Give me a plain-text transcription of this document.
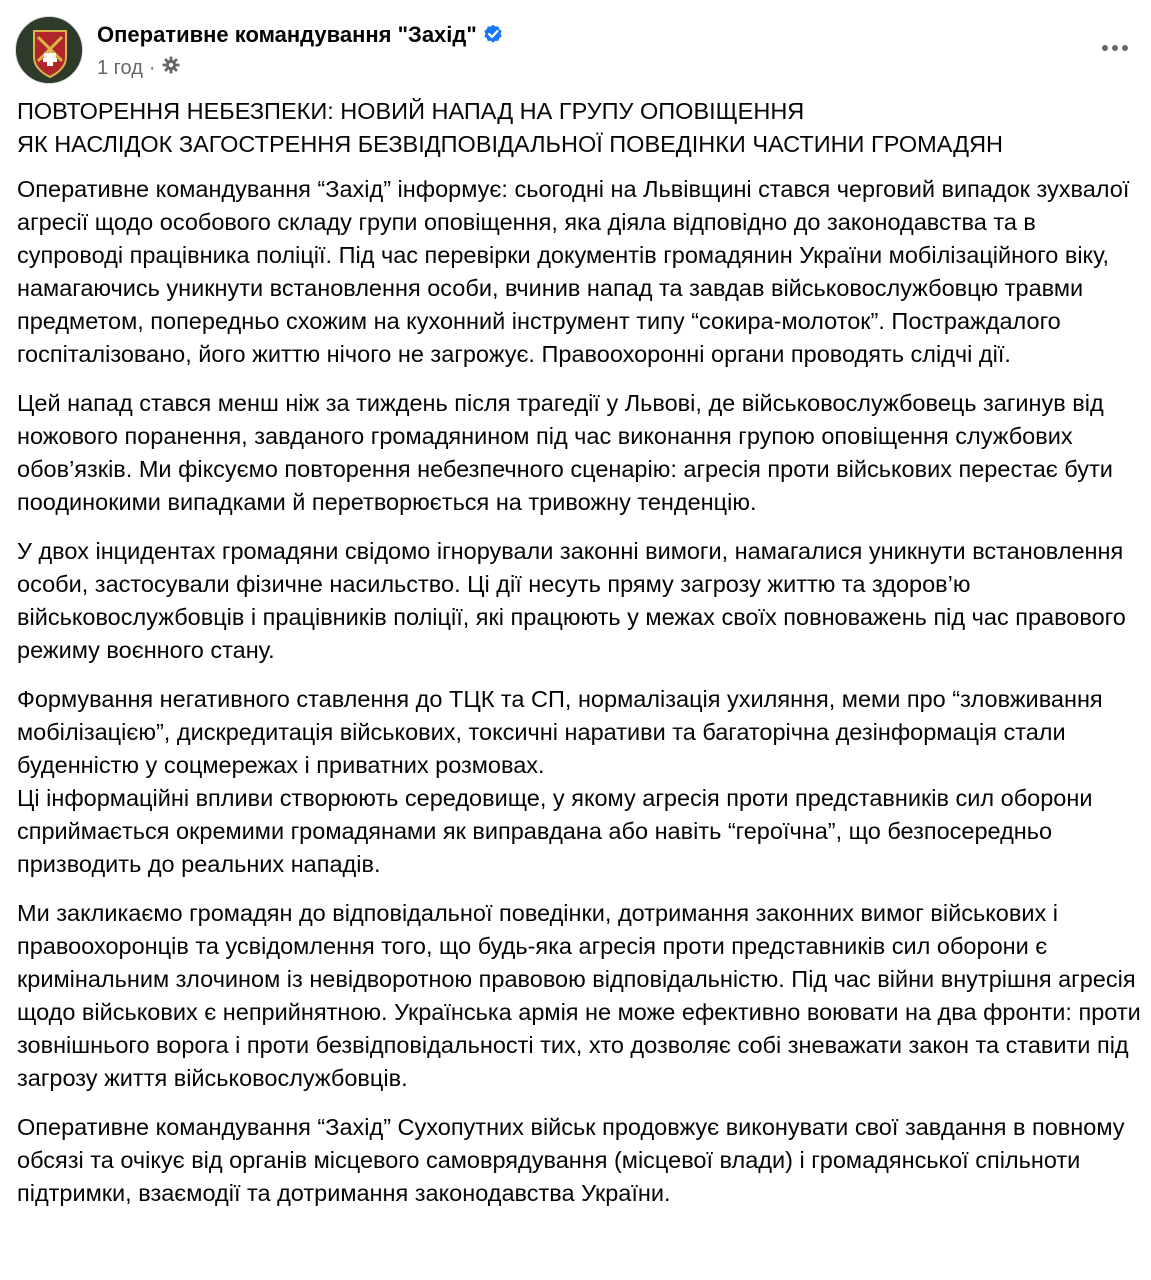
Оперативне командування "Захід"
1 год ·

ПОВТОРЕННЯ НЕБЕЗПЕКИ: НОВИЙ НАПАД НА ГРУПУ ОПОВІЩЕННЯ
ЯК НАСЛІДОК ЗАГОСТРЕННЯ БЕЗВІДПОВІДАЛЬНОЇ ПОВЕДІНКИ ЧАСТИНИ ГРОМАДЯН

Оперативне командування “Захід” інформує: сьогодні на Львівщині стався черговий випадок зухвалої агресії щодо особового складу групи оповіщення, яка діяла відповідно до законодавства та в супроводі працівника поліції. Під час перевірки документів громадянин України мобілізаційного віку, намагаючись уникнути встановлення особи, вчинив напад та завдав військовослужбовцю травми предметом, попередньо схожим на кухонний інструмент типу “сокира-молоток”. Постраждалого госпіталізовано, його життю нічого не загрожує. Правоохоронні органи проводять слідчі дії.

Цей напад стався менш ніж за тиждень після трагедії у Львові, де військовослужбовець загинув від ножового поранення, завданого громадянином під час виконання групою оповіщення службових обов’язків. Ми фіксуємо повторення небезпечного сценарію: агресія проти військових перестає бути поодинокими випадками й перетворюється на тривожну тенденцію.

У двох інцидентах громадяни свідомо ігнорували законні вимоги, намагалися уникнути встановлення особи, застосували фізичне насильство. Ці дії несуть пряму загрозу життю та здоров’ю військовослужбовців і працівників поліції, які працюють у межах своїх повноважень під час правового режиму воєнного стану.

Формування негативного ставлення до ТЦК та СП, нормалізація ухиляння, меми про “зловживання мобілізацією”, дискредитація військових, токсичні наративи та багаторічна дезінформація стали буденністю у соцмережах і приватних розмовах.
Ці інформаційні впливи створюють середовище, у якому агресія проти представників сил оборони сприймається окремими громадянами як виправдана або навіть “героїчна”, що безпосередньо призводить до реальних нападів.

Ми закликаємо громадян до відповідальної поведінки, дотримання законних вимог військових і правоохоронців та усвідомлення того, що будь-яка агресія проти представників сил оборони є кримінальним злочином із невідворотною правовою відповідальністю. Під час війни внутрішня агресія щодо військових є неприйнятною. Українська армія не може ефективно воювати на два фронти: проти зовнішнього ворога і проти безвідповідальності тих, хто дозволяє собі зневажати закон та ставити під загрозу життя військовослужбовців.

Оперативне командування “Захід” Сухопутних військ продовжує виконувати свої завдання в повному обсязі та очікує від органів місцевого самоврядування (місцевої влади) і громадянської спільноти підтримки, взаємодії та дотримання законодавства України.
